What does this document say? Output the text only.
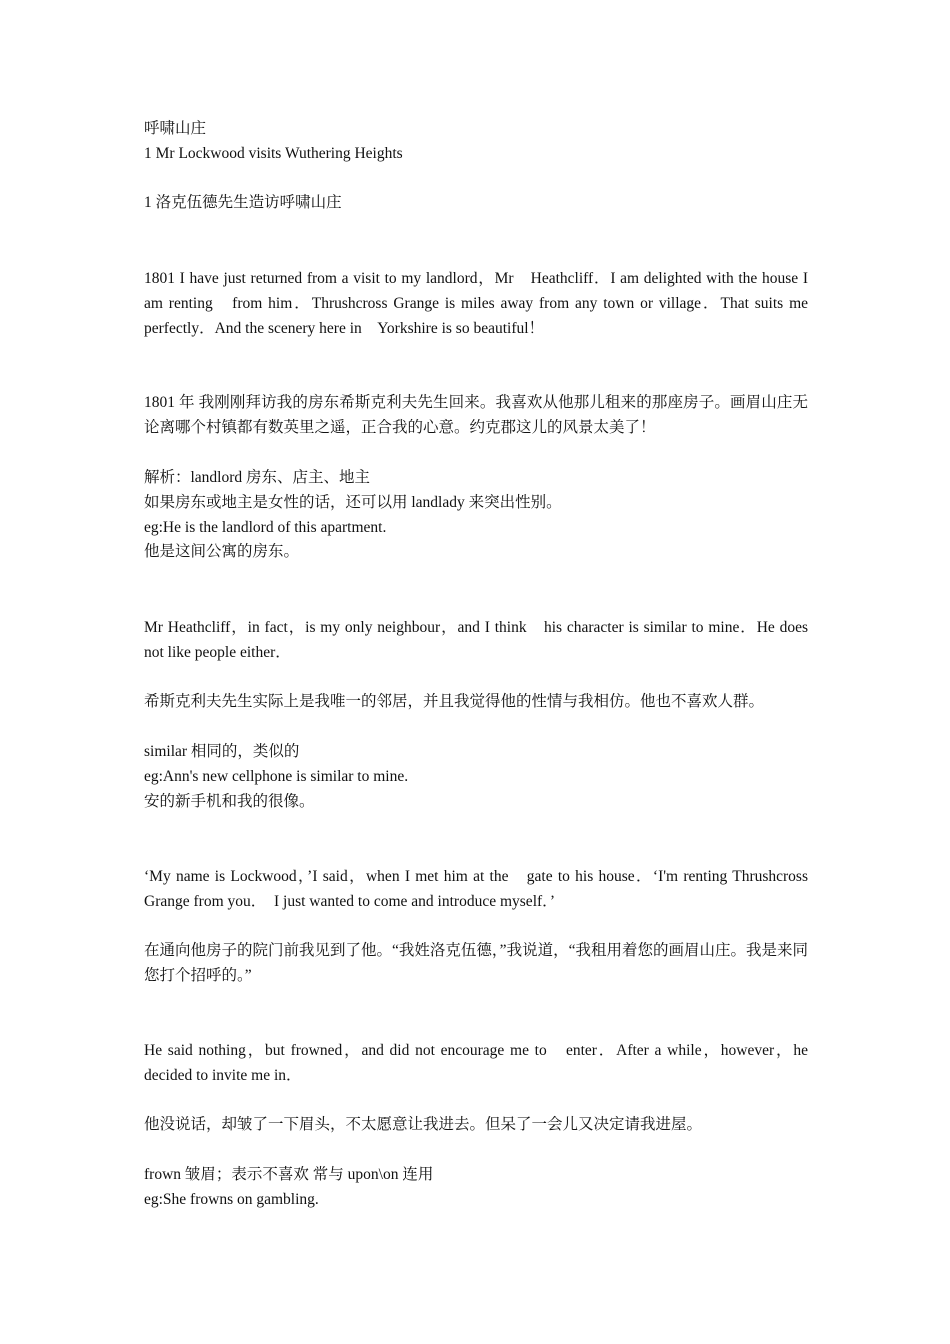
呼啸山庄
1 Mr Lockwood visits Wuthering Heights
1 洛克伍德先生造访呼啸山庄

1801 I have just returned from a visit to my landlord，Mr　Heathcliff．I am delighted with the house I am renting　from him．Thrushcross Grange is miles away from any town or village．That suits me perfectly．And the scenery here in　Yorkshire is so beautiful！

1801 年 我刚刚拜访我的房东希斯克利夫先生回来。我喜欢从他那儿租来的那座房子。画眉山庄无论离哪个村镇都有数英里之遥，正合我的心意。约克郡这儿的风景太美了！

解析：landlord 房东、店主、地主
如果房东或地主是女性的话，还可以用 landlady 来突出性别。
eg:He is the landlord of this apartment.
他是这间公寓的房东。

Mr Heathcliff，in fact，is my only neighbour，and I think　his character is similar to mine．He does not like people either．

希斯克利夫先生实际上是我唯一的邻居，并且我觉得他的性情与我相仿。他也不喜欢人群。
similar 相同的，类似的
eg:Ann's new cellphone is similar to mine.
安的新手机和我的很像。

‘My name is Lockwood，’I said，when I met him at the　gate to his house．‘I'm renting Thrushcross Grange from you．　I just wanted to come and introduce myself．’

在通向他房子的院门前我见到了他。“我姓洛克伍德，”我说道，“我租用着您的画眉山庄。我是来同您打个招呼的。”

He said nothing，but frowned，and did not encourage me to　enter．After a while，however，he decided to invite me in．

他没说话，却皱了一下眉头，不太愿意让我进去。但呆了一会儿又决定请我进屋。
frown 皱眉；表示不喜欢 常与 upon\on 连用
eg:She frowns on gambling.
